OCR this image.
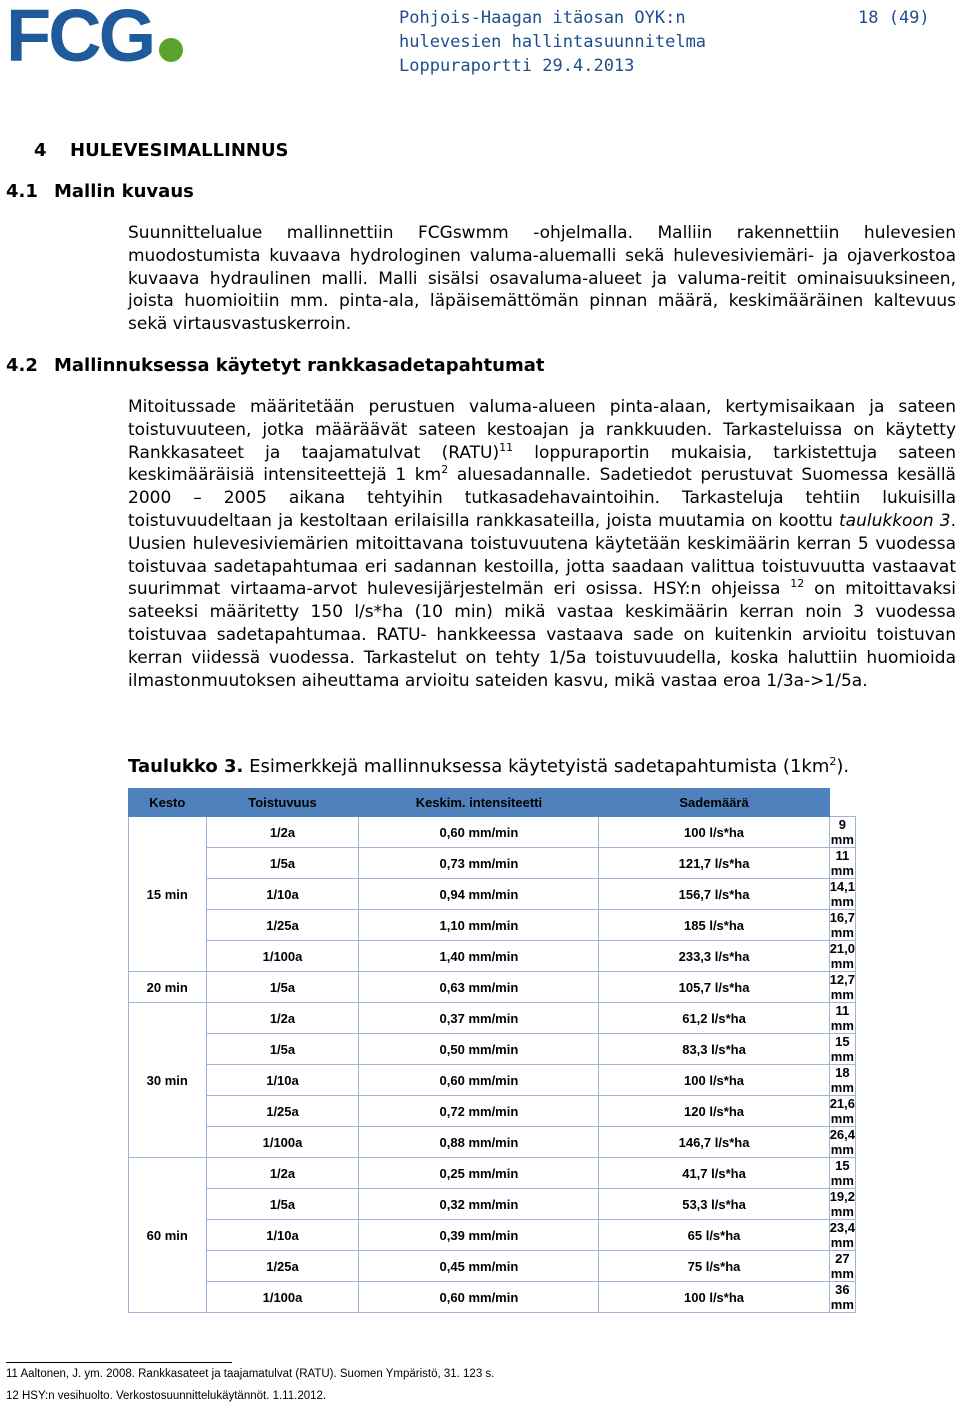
FCG	Pohjois-Haagan itäosan OYK:n
hulevesien hallintasuunnitelma
Loppuraportti 29.4.2013
18 (49)
4 HULEVESIMALLINNUS
4.1 Mallin kuvaus
Suunnittelualue mallinnettiin FCGswmm -ohjelmalla. Malliin rakennettiin hulevesien muodostumista kuvaava hydrologinen valuma-aluemalli sekä hulevesiviemäri- ja ojaverkostoa kuvaava hydraulinen malli. Malli sisälsi osavaluma-alueet ja valuma-reitit ominaisuuksineen, joista huomioitiin mm. pinta-ala, läpäisemättömän pinnan määrä, keskimääräinen kaltevuus sekä virtausvastuskerroin.
4.2 Mallinnuksessa käytetyt rankkasadetapahtumat
Mitoitussade määritetään perustuen valuma-alueen pinta-alaan, kertymisaikaan ja sateen toistuvuuteen, jotka määräävät sateen kestoajan ja rankkuuden. Tarkasteluissa on käytetty Rankkasateet ja taajamatulvat (RATU)$^{11}$ loppuraportin mukaisia, tarkistettuja sateen keskimääräisiä intensiteettejä 1 $km^2$ aluesadannalle. Sadetiedot perustuvat Suomessa kesällä 2000 – 2005 aikana tehtyihin tutkasadehavaintoihin. Tarkasteluja tehtiin lukuisilla toistuvuudeltaan ja kestoltaan erilaisilla rankkasateilla, joista muutamia on koottu taulukkoon 3. Uusien hulevesiviemärien mitoittavana toistuvuutena käytetään keskimäärin kerran 5 vuodessa toistuvaa sadetapahtumaa eri sadannan kestoilla, jotta saadaan valittua toistuvuutta vastaavat suurimmat virtaama-arvot hulevesijärjestelmän eri osissa. HSY:n ohjeissa $^{12}$ on mitoittavaksi sateeksi määritetty 150 l/s*ha (10 min) mikä vastaa keskimäärin kerran noin 3 vuodessa toistuvaa sadetapahtumaa. RATU- hankkeessa vastaava sade on kuitenkin arvioitu toistuvan kerran viidessä vuodessa. Tarkastelut on tehty 1/5a toistuvuudella, koska haluttiin huomioida ilmastonmuutoksen aiheuttama arvioitu sateiden kasvu, mikä vastaa eroa 1/3a->1/5a.
Taulukko 3. Esimerkkejä mallinnuksessa käytetyistä sadetapahtumista $(1km^2)$.
Kesto	Toistuvuus	Keskim. intensiteetti	Sademäärä	
15 min	1/2a	0,60 mm/min	100 l/s*ha	9 mm
	1/5a	0,73 mm/min	121,7 l/s*ha	11 mm
	1/10a	0,94 mm/min	156,7 l/s*ha	14,1 mm
	1/25a	1,10 mm/min	185 l/s*ha	16,7 mm
	1/100a	1,40 mm/min	233,3 l/s*ha	21,0 mm
20 min	1/5a	0,63 mm/min	105,7 l/s*ha	12,7 mm
30 min	1/2a	0,37 mm/min	61,2 l/s*ha	11 mm
	1/5a	0,50 mm/min	83,3 l/s*ha	15 mm
	1/10a	0,60 mm/min	100 l/s*ha	18 mm
	1/25a	0,72 mm/min	120 l/s*ha	21,6 mm
	1/100a	0,88 mm/min	146,7 l/s*ha	26,4 mm
60 min	1/2a	0,25 mm/min	41,7 l/s*ha	15 mm
	1/5a	0,32 mm/min	53,3 l/s*ha	19,2 mm
	1/10a	0,39 mm/min	65 l/s*ha	23,4 mm
	1/25a	0,45 mm/min	75 l/s*ha	27 mm
	1/100a	0,60 mm/min	100 l/s*ha	36 mm
11 Aaltonen, J. ym. 2008. Rankkasateet ja taajamatulvat (RATU). Suomen Ympäristö, 31. 123 s.
12 HSY:n vesihuolto. Verkostosuunnittelukäytännöt. 1.11.2012.
